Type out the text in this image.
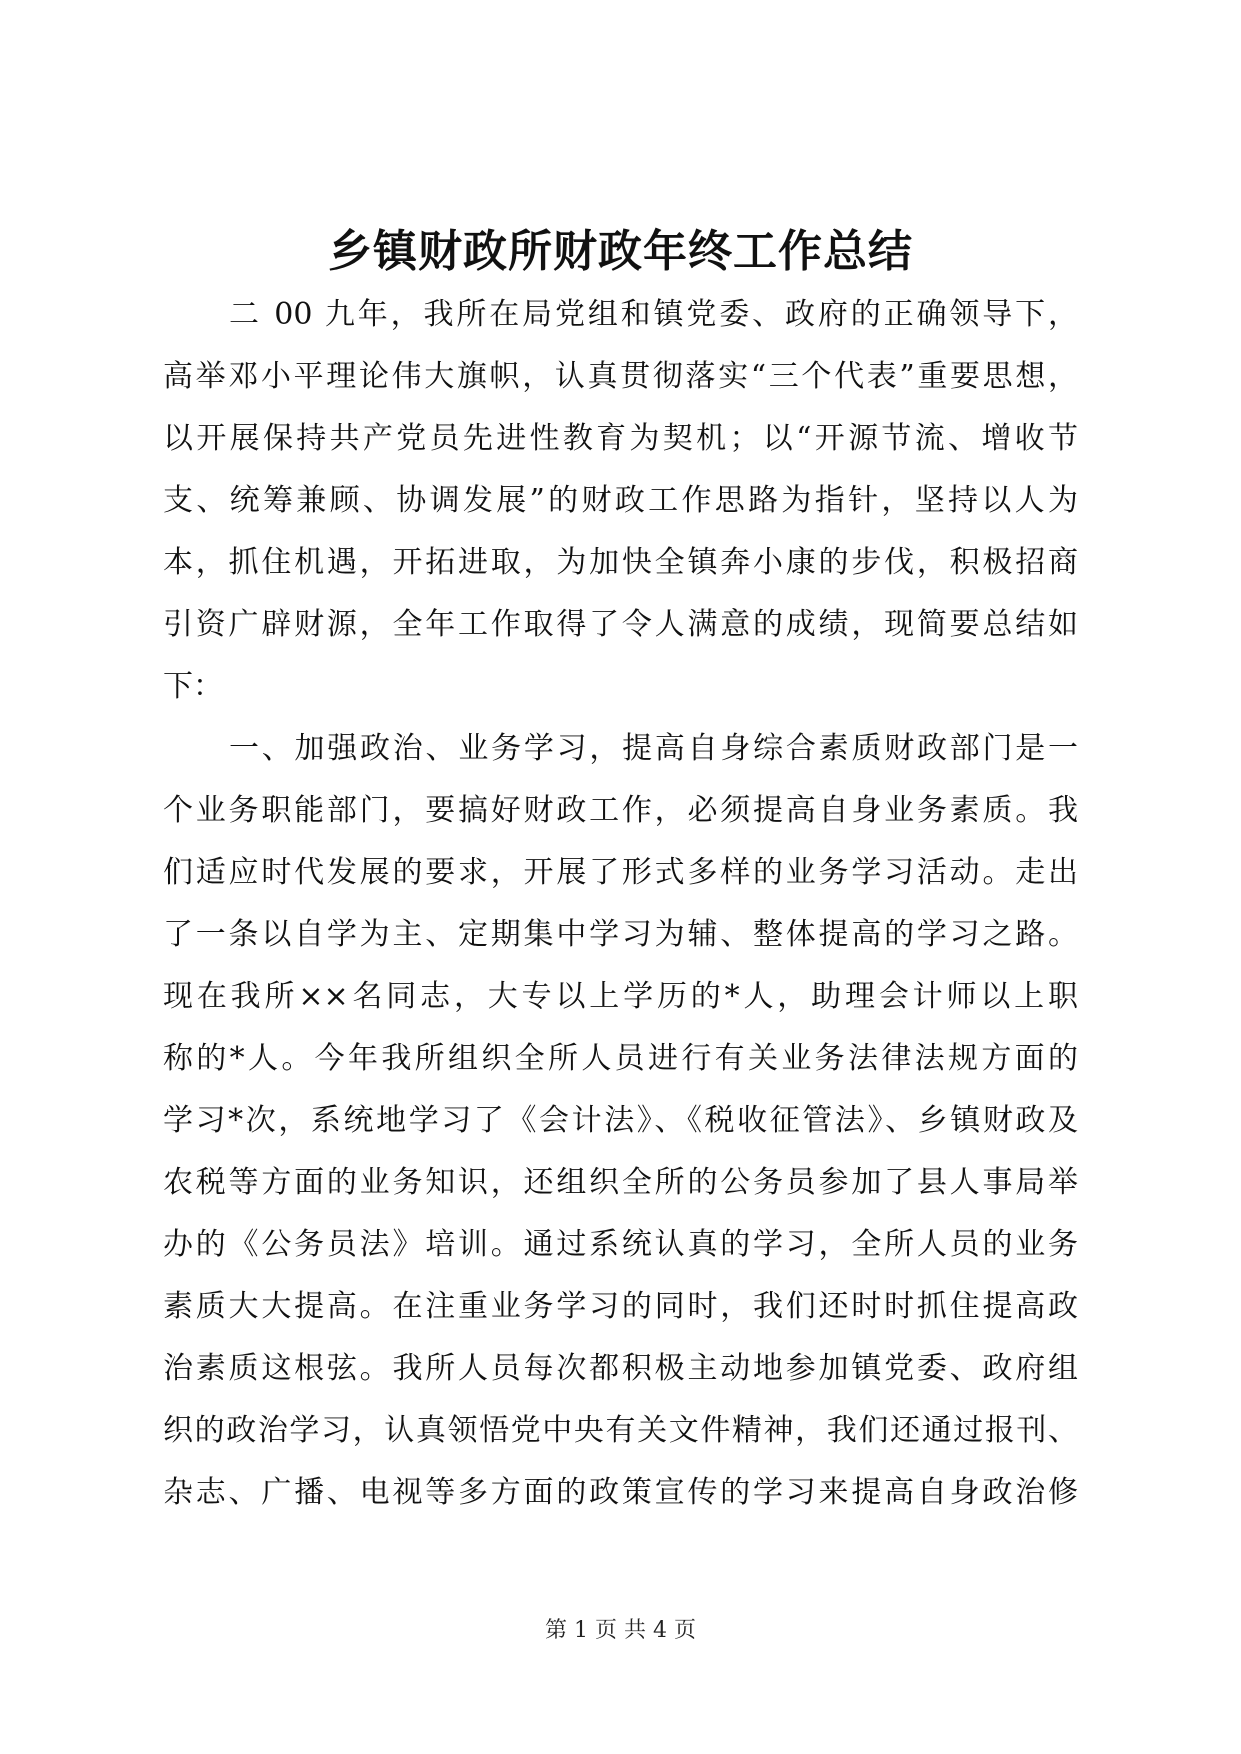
乡镇财政所财政年终工作总结
二 00 九年，我所在局党组和镇党委、政府的正确领导下，
高举邓小平理论伟大旗帜，认真贯彻落实“三个代表”重要思想，
以开展保持共产党员先进性教育为契机；以“开源节流、增收节
支、统筹兼顾、协调发展”的财政工作思路为指针，坚持以人为
本，抓住机遇，开拓进取，为加快全镇奔小康的步伐，积极招商
引资广辟财源，全年工作取得了令人满意的成绩，现简要总结如
下：
一、加强政治、业务学习，提高自身综合素质财政部门是一
个业务职能部门，要搞好财政工作，必须提高自身业务素质。我
们适应时代发展的要求，开展了形式多样的业务学习活动。走出
了一条以自学为主、定期集中学习为辅、整体提高的学习之路。
现在我所××名同志，大专以上学历的*人，助理会计师以上职
称的*人。今年我所组织全所人员进行有关业务法律法规方面的
学习*次，系统地学习了《会计法》、《税收征管法》、乡镇财政及
农税等方面的业务知识，还组织全所的公务员参加了县人事局举
办的《公务员法》培训。通过系统认真的学习，全所人员的业务
素质大大提高。在注重业务学习的同时，我们还时时抓住提高政
治素质这根弦。我所人员每次都积极主动地参加镇党委、政府组
织的政治学习，认真领悟党中央有关文件精神，我们还通过报刊、
杂志、广播、电视等多方面的政策宣传的学习来提高自身政治修
第 1 页 共 4 页
